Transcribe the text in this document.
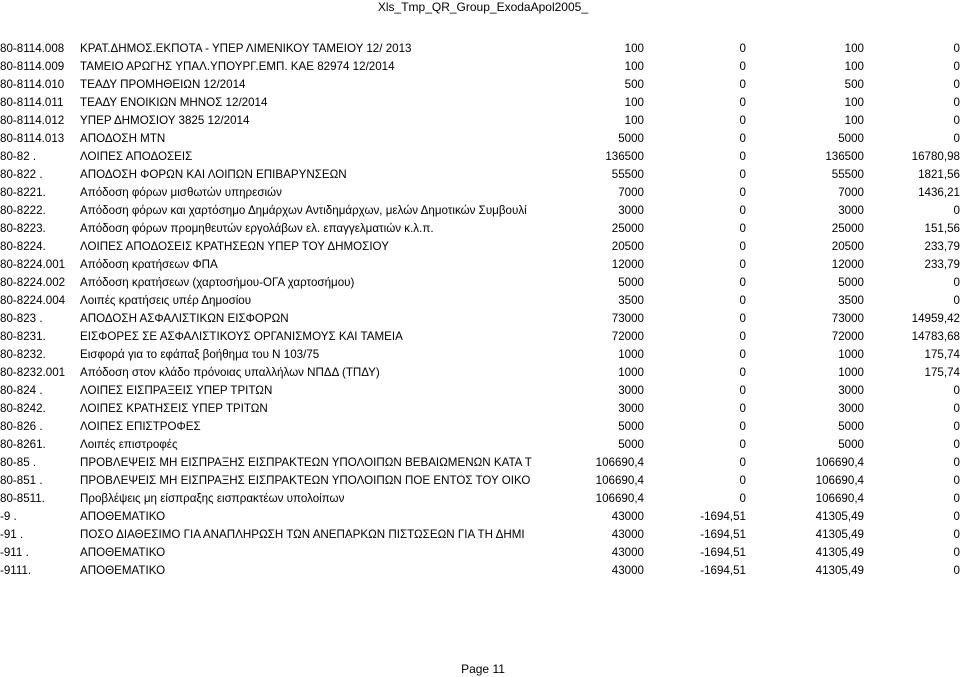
Xls_Tmp_QR_Group_ExodaApol2005_
80-8114.008	ΚΡΑΤ.ΔΗΜΟΣ.ΕΚΠΟΤΑ - ΥΠΕΡ ΛΙΜΕΝΙΚΟΥ ΤΑΜΕΙΟΥ 12/ 2013	100	0	100	0
80-8114.009	ΤΑΜΕΙΟ ΑΡΩΓΗΣ ΥΠΑΛ.ΥΠΟΥΡΓ.ΕΜΠ. ΚΑΕ 82974 12/2014	100	0	100	0
80-8114.010	ΤΕΑΔΥ ΠΡΟΜΗΘΕΙΩΝ 12/2014	500	0	500	0
80-8114.011	ΤΕΑΔΥ ΕΝΟΙΚΙΩΝ ΜΗΝΟΣ 12/2014	100	0	100	0
80-8114.012	ΥΠΕΡ ΔΗΜΟΣΙΟΥ 3825 12/2014	100	0	100	0
80-8114.013	ΑΠΟΔΟΣΗ ΜΤΝ	5000	0	5000	0
80-82 .	ΛΟΙΠΕΣ ΑΠΟΔΟΣΕΙΣ	136500	0	136500	16780,98
80-822 .	ΑΠΟΔΟΣΗ ΦΟΡΩΝ ΚΑΙ ΛΟΙΠΩΝ ΕΠΙΒΑΡΥΝΣΕΩΝ	55500	0	55500	1821,56
80-8221.	Απόδοση φόρων μισθωτών υπηρεσιών	7000	0	7000	1436,21
80-8222.	Απόδοση φόρων και χαρτόσημο Δημάρχων Αντιδημάρχων, μελών Δημοτικών Συμβουλί	3000	0	3000	0
80-8223.	Απόδοση φόρων προμηθευτών εργολάβων ελ. επαγγελματιών κ.λ.π.	25000	0	25000	151,56
80-8224.	ΛΟΙΠΕΣ ΑΠΟΔΟΣΕΙΣ ΚΡΑΤΗΣΕΩΝ ΥΠΕΡ ΤΟΥ ΔΗΜΟΣΙΟΥ	20500	0	20500	233,79
80-8224.001	Απόδοση κρατήσεων ΦΠΑ	12000	0	12000	233,79
80-8224.002	Απόδοση κρατήσεων (χαρτοσήμου-ΟΓΑ χαρτοσήμου)	5000	0	5000	0
80-8224.004	Λοιπές κρατήσεις υπέρ Δημοσίου	3500	0	3500	0
80-823 .	ΑΠΟΔΟΣΗ ΑΣΦΑΛΙΣΤΙΚΩΝ ΕΙΣΦΟΡΩΝ	73000	0	73000	14959,42
80-8231.	ΕΙΣΦΟΡΕΣ ΣΕ ΑΣΦΑΛΙΣΤΙΚΟΥΣ ΟΡΓΑΝΙΣΜΟΥΣ ΚΑΙ ΤΑΜΕΙΑ	72000	0	72000	14783,68
80-8232.	Εισφορά για το εφάπαξ βοήθημα του Ν 103/75	1000	0	1000	175,74
80-8232.001	Απόδοση στον κλάδο πρόνοιας υπαλλήλων ΝΠΔΔ (ΤΠΔΥ)	1000	0	1000	175,74
80-824 .	ΛΟΙΠΕΣ ΕΙΣΠΡΑΞΕΙΣ ΥΠΕΡ ΤΡΙΤΩΝ	3000	0	3000	0
80-8242.	ΛΟΙΠΕΣ ΚΡΑΤΗΣΕΙΣ ΥΠΕΡ ΤΡΙΤΩΝ	3000	0	3000	0
80-826 .	ΛΟΙΠΕΣ ΕΠΙΣΤΡΟΦΕΣ	5000	0	5000	0
80-8261.	Λοιπές επιστροφές	5000	0	5000	0
80-85 .	ΠΡΟΒΛΕΨΕΙΣ ΜΗ ΕΙΣΠΡΑΞΗΣ ΕΙΣΠΡΑΚΤΕΩΝ ΥΠΟΛΟΙΠΩΝ ΒΕΒΑΙΩΜΕΝΩΝ ΚΑΤΑ Τ	106690,4	0	106690,4	0
80-851 .	ΠΡΟΒΛΕΨΕΙΣ ΜΗ ΕΙΣΠΡΑΞΗΣ ΕΙΣΠΡΑΚΤΕΩΝ ΥΠΟΛΟΙΠΩΝ ΠΟΕ ΕΝΤΟΣ ΤΟΥ ΟΙΚΟ	106690,4	0	106690,4	0
80-8511.	Προβλέψεις μη είσπραξης εισπρακτέων υπολοίπων	106690,4	0	106690,4	0
-9 .	ΑΠΟΘΕΜΑΤΙΚΟ	43000	-1694,51	41305,49	0
-91 .	ΠΟΣΟ ΔΙΑΘΕΣΙΜΟ ΓΙΑ ΑΝΑΠΛΗΡΩΣΗ ΤΩΝ ΑΝΕΠΑΡΚΩΝ ΠΙΣΤΩΣΕΩΝ ΓΙΑ ΤΗ ΔΗΜΙ	43000	-1694,51	41305,49	0
-911 .	ΑΠΟΘΕΜΑΤΙΚΟ	43000	-1694,51	41305,49	0
-9111.	ΑΠΟΘΕΜΑΤΙΚΟ	43000	-1694,51	41305,49	0
Page 11
